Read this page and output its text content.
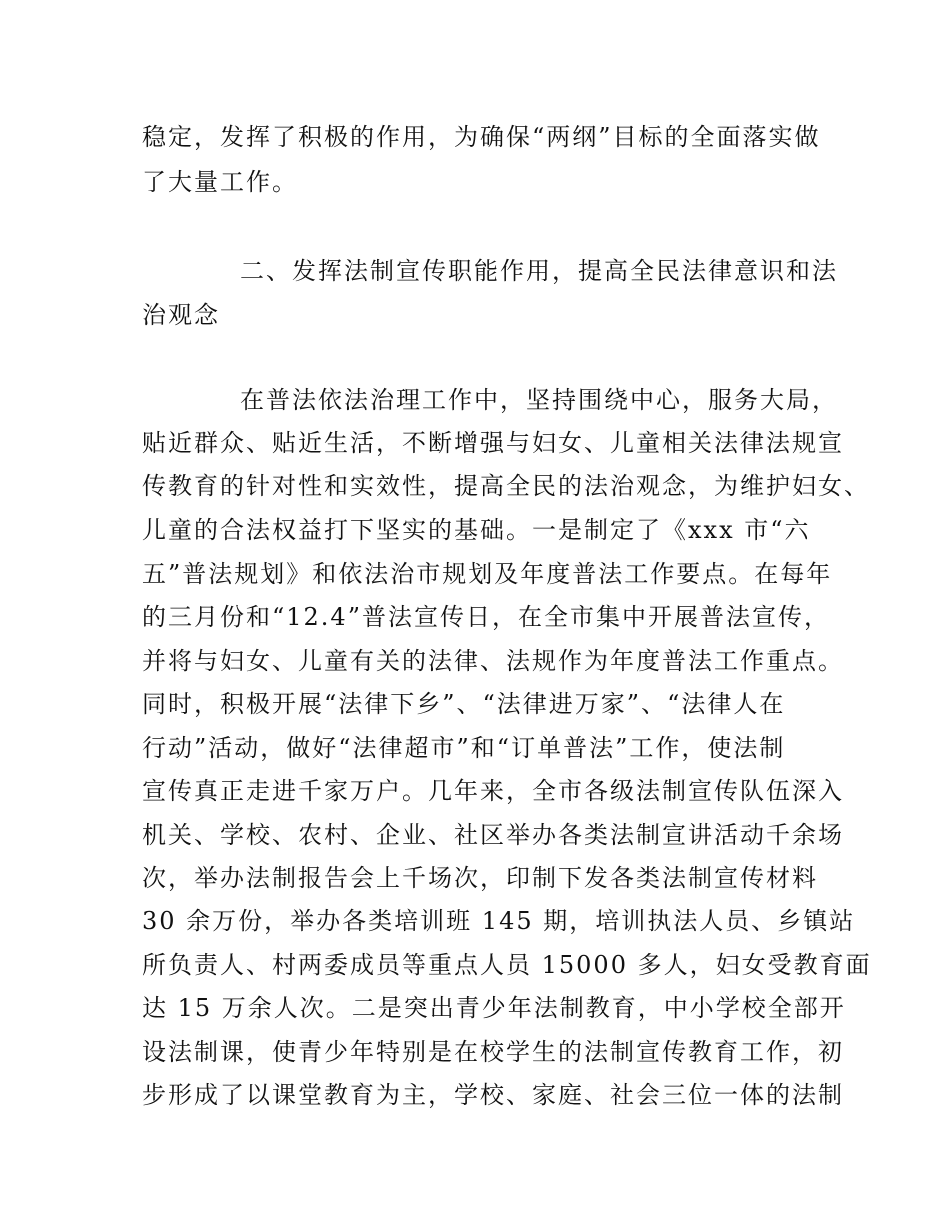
稳定，发挥了积极的作用，为确保“两纲”目标的全面落实做
了大量工作。
二、发挥法制宣传职能作用，提高全民法律意识和法
治观念
在普法依法治理工作中，坚持围绕中心，服务大局，
贴近群众、贴近生活，不断增强与妇女、儿童相关法律法规宣
传教育的针对性和实效性，提高全民的法治观念，为维护妇女、
儿童的合法权益打下坚实的基础。一是制定了《xxx 市“六
五”普法规划》和依法治市规划及年度普法工作要点。在每年
的三月份和“12.4”普法宣传日，在全市集中开展普法宣传，
并将与妇女、儿童有关的法律、法规作为年度普法工作重点。
同时，积极开展“法律下乡”、“法律进万家”、“法律人在
行动”活动，做好“法律超市”和“订单普法”工作，使法制
宣传真正走进千家万户。几年来，全市各级法制宣传队伍深入
机关、学校、农村、企业、社区举办各类法制宣讲活动千余场
次，举办法制报告会上千场次，印制下发各类法制宣传材料
30 余万份，举办各类培训班 145 期，培训执法人员、乡镇站
所负责人、村两委成员等重点人员 15000 多人，妇女受教育面
达 15 万余人次。二是突出青少年法制教育，中小学校全部开
设法制课，使青少年特别是在校学生的法制宣传教育工作，初
步形成了以课堂教育为主，学校、家庭、社会三位一体的法制
